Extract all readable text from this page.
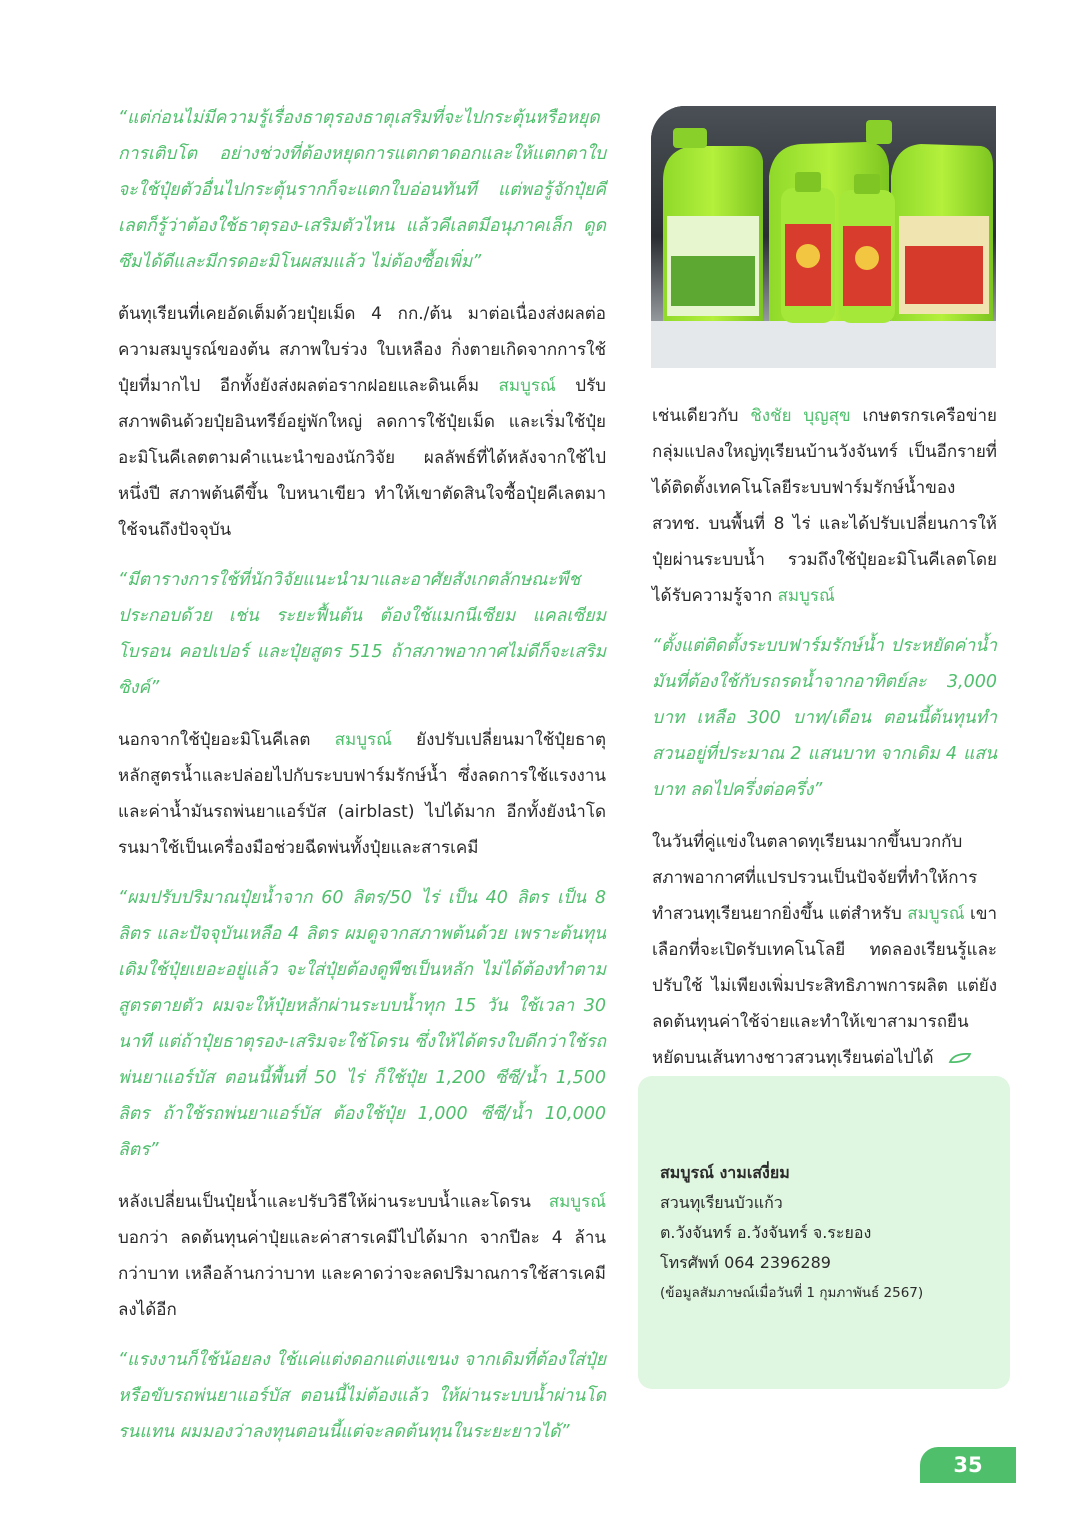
“แต่ก่อนไม่มีความรู้เรื่องธาตุรองธาตุเสริมที่จะไปกระตุ้นหรือหยุดการเติบโต อย่างช่วงที่ต้องหยุดการแตกตาดอกและให้แตกตาใบจะใช้ปุ๋ยตัวอื่นไปกระตุ้นรากก็จะแตกใบอ่อนทันที แต่พอรู้จักปุ๋ยคีเลตก็รู้ว่าต้องใช้ธาตุรอง-เสริมตัวไหน แล้วคีเลตมีอนุภาคเล็ก ดูดซึมได้ดีและมีกรดอะมิโนผสมแล้ว ไม่ต้องซื้อเพิ่ม”

ต้นทุเรียนที่เคยอัดเต็มด้วยปุ๋ยเม็ด 4 กก./ต้น มาต่อเนื่องส่งผลต่อความสมบูรณ์ของต้น สภาพใบร่วง ใบเหลือง กิ่งตายเกิดจากการใช้ปุ๋ยที่มากไป อีกทั้งยังส่งผลต่อรากฝอยและดินเค็ม สมบูรณ์ ปรับสภาพดินด้วยปุ๋ยอินทรีย์อยู่พักใหญ่ ลดการใช้ปุ๋ยเม็ด และเริ่มใช้ปุ๋ยอะมิโนคีเลตตามคำแนะนำของนักวิจัย ผลลัพธ์ที่ได้หลังจากใช้ไปหนึ่งปี สภาพต้นดีขึ้น ใบหนาเขียว ทำให้เขาตัดสินใจซื้อปุ๋ยคีเลตมาใช้จนถึงปัจจุบัน

“มีตารางการใช้ที่นักวิจัยแนะนำมาและอาศัยสังเกตลักษณะพืชประกอบด้วย เช่น ระยะฟื้นต้น ต้องใช้แมกนีเซียม แคลเซียม โบรอน คอปเปอร์ และปุ๋ยสูตร 515 ถ้าสภาพอากาศไม่ดีก็จะเสริมซิงค์”

นอกจากใช้ปุ๋ยอะมิโนคีเลต สมบูรณ์ ยังปรับเปลี่ยนมาใช้ปุ๋ยธาตุหลักสูตรน้ำและปล่อยไปกับระบบฟาร์มรักษ์น้ำ ซึ่งลดการใช้แรงงานและค่าน้ำมันรถพ่นยาแอร์บัส (airblast) ไปได้มาก อีกทั้งยังนำโดรนมาใช้เป็นเครื่องมือช่วยฉีดพ่นทั้งปุ๋ยและสารเคมี

“ผมปรับปริมาณปุ๋ยน้ำจาก 60 ลิตร/50 ไร่ เป็น 40 ลิตร เป็น 8 ลิตร และปัจจุบันเหลือ 4 ลิตร ผมดูจากสภาพต้นด้วย เพราะต้นทุนเดิมใช้ปุ๋ยเยอะอยู่แล้ว จะใส่ปุ๋ยต้องดูพืชเป็นหลัก ไม่ได้ต้องทำตามสูตรตายตัว ผมจะให้ปุ๋ยหลักผ่านระบบน้ำทุก 15 วัน ใช้เวลา 30 นาที แต่ถ้าปุ๋ยธาตุรอง-เสริมจะใช้โดรน ซึ่งให้ได้ตรงใบดีกว่าใช้รถพ่นยาแอร์บัส ตอนนี้พื้นที่ 50 ไร่ ก็ใช้ปุ๋ย 1,200 ซีซี/น้ำ 1,500 ลิตร ถ้าใช้รถพ่นยาแอร์บัส ต้องใช้ปุ๋ย 1,000 ซีซี/น้ำ 10,000 ลิตร”

หลังเปลี่ยนเป็นปุ๋ยน้ำและปรับวิธีให้ผ่านระบบน้ำและโดรน สมบูรณ์ บอกว่า ลดต้นทุนค่าปุ๋ยและค่าสารเคมีไปได้มาก จากปีละ 4 ล้านกว่าบาท เหลือล้านกว่าบาท และคาดว่าจะลดปริมาณการใช้สารเคมีลงได้อีก

“แรงงานก็ใช้น้อยลง ใช้แค่แต่งดอกแต่งแขนง จากเดิมที่ต้องใส่ปุ๋ยหรือขับรถพ่นยาแอร์บัส ตอนนี้ไม่ต้องแล้ว ให้ผ่านระบบน้ำผ่านโดรนแทน ผมมองว่าลงทุนตอนนี้แต่จะลดต้นทุนในระยะยาวได้”

เช่นเดียวกับ ชิงชัย บุญสุข เกษตรกรเครือข่ายกลุ่มแปลงใหญ่ทุเรียนบ้านวังจันทร์ เป็นอีกรายที่ได้ติดตั้งเทคโนโลยีระบบฟาร์มรักษ์น้ำของ สวทช. บนพื้นที่ 8 ไร่ และได้ปรับเปลี่ยนการให้ปุ๋ยผ่านระบบน้ำ รวมถึงใช้ปุ๋ยอะมิโนคีเลตโดยได้รับความรู้จาก สมบูรณ์

“ตั้งแต่ติดตั้งระบบฟาร์มรักษ์น้ำ ประหยัดค่าน้ำมันที่ต้องใช้กับรถรดน้ำจากอาทิตย์ละ 3,000 บาท เหลือ 300 บาท/เดือน ตอนนี้ต้นทุนทำสวนอยู่ที่ประมาณ 2 แสนบาท จากเดิม 4 แสนบาท ลดไปครึ่งต่อครึ่ง”

ในวันที่คู่แข่งในตลาดทุเรียนมากขึ้นบวกกับสภาพอากาศที่แปรปรวนเป็นปัจจัยที่ทำให้การทำสวนทุเรียนยากยิ่งขึ้น แต่สำหรับ สมบูรณ์ เขาเลือกที่จะเปิดรับเทคโนโลยี ทดลองเรียนรู้และปรับใช้ ไม่เพียงเพิ่มประสิทธิภาพการผลิต แต่ยังลดต้นทุนค่าใช้จ่ายและทำให้เขาสามารถยืนหยัดบนเส้นทางชาวสวนทุเรียนต่อไปได้

สมบูรณ์ งามเสงี่ยม
สวนทุเรียนบัวแก้ว
ต.วังจันทร์ อ.วังจันทร์ จ.ระยอง
โทรศัพท์ 064 2396289
(ข้อมูลสัมภาษณ์เมื่อวันที่ 1 กุมภาพันธ์ 2567)
35
